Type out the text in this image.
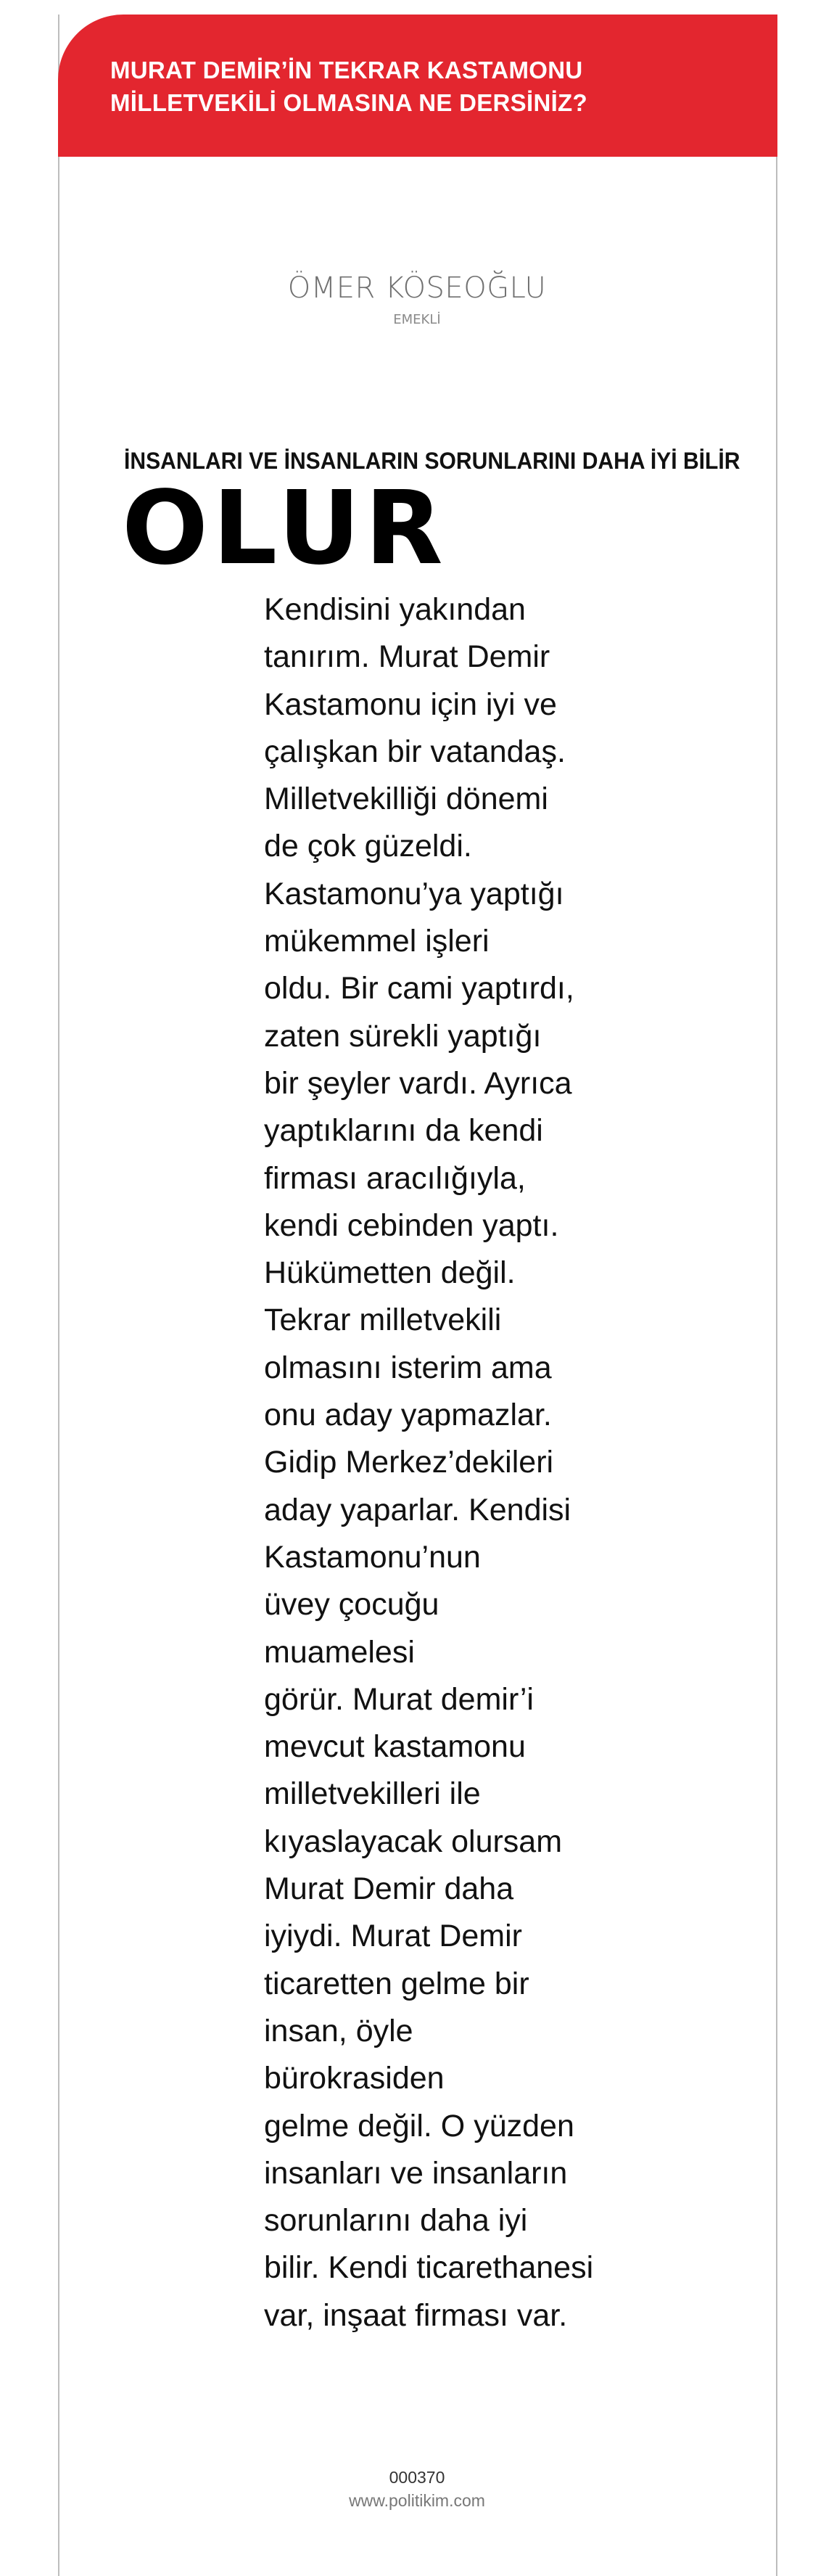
MURAT DEMİR’İN TEKRAR KASTAMONU
MİLLETVEKİLİ OLMASINA NE DERSİNİZ?
ÖMER KÖSEOĞLU
EMEKLİ
İNSANLARI VE İNSANLARIN SORUNLARINI DAHA İYİ BİLİR
OLUR

Kendisini yakından
tanırım. Murat Demir
Kastamonu için iyi ve
çalışkan bir vatandaş.
Milletvekilliği dönemi
de çok güzeldi.
Kastamonu’ya yaptığı
mükemmel işleri
oldu. Bir cami yaptırdı,
zaten sürekli yaptığı
bir şeyler vardı. Ayrıca
yaptıklarını da kendi
firması aracılığıyla,
kendi cebinden yaptı.
Hükümetten değil.
Tekrar milletvekili
olmasını isterim ama
onu aday yapmazlar.
Gidip Merkez’dekileri
aday yaparlar. Kendisi
Kastamonu’nun
üvey çocuğu muamelesi
görür. Murat demir’i
mevcut kastamonu
milletvekilleri ile
kıyaslayacak olursam
Murat Demir daha
iyiydi. Murat Demir
ticaretten gelme bir
insan, öyle bürokrasiden
gelme değil. O yüzden
insanları ve insanların
sorunlarını daha iyi
bilir. Kendi ticarethanesi
var, inşaat firması var.

000370
www.politikim.com
